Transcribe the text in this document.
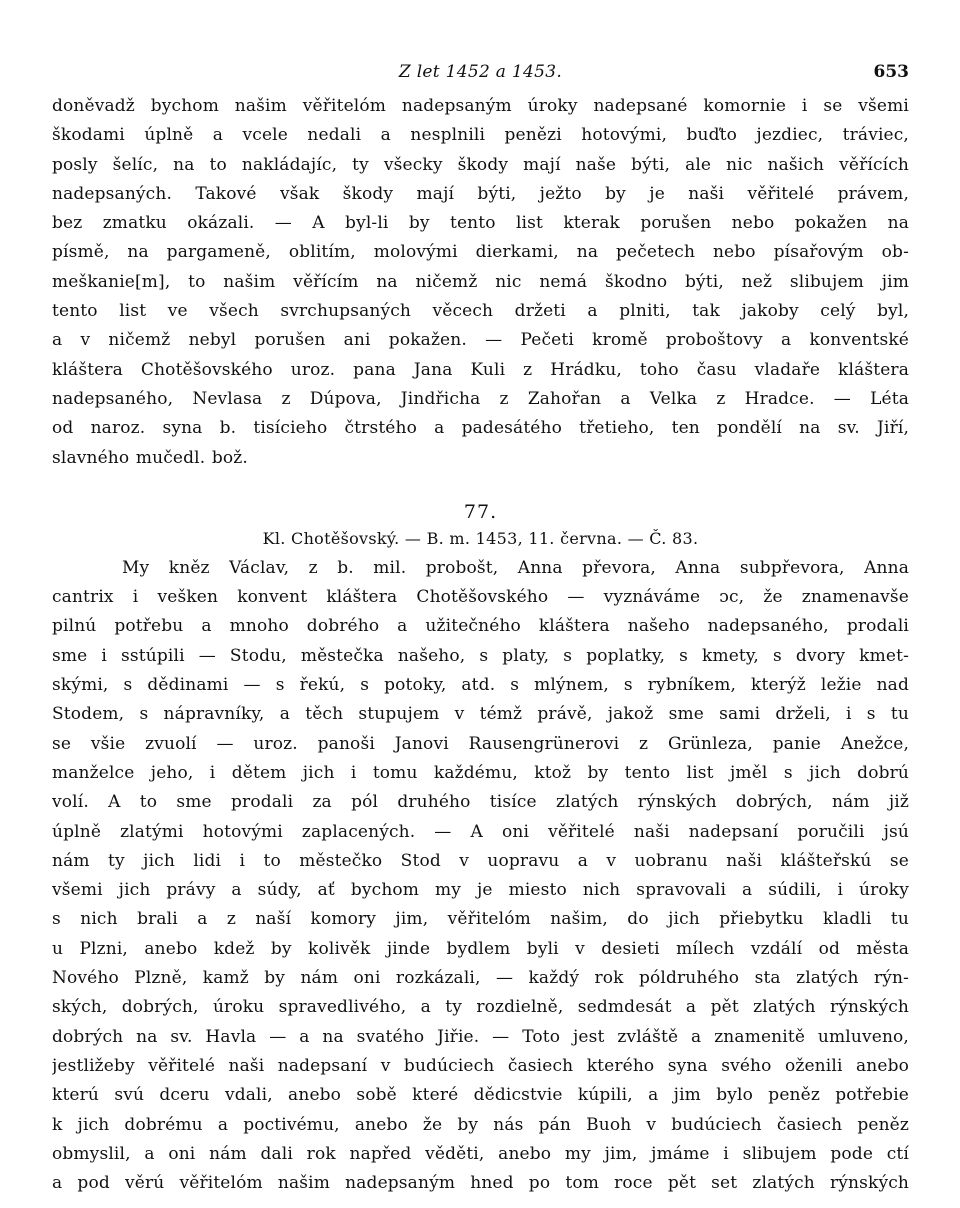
Z let 1452 a 1453.	653
doněvadž bychom našim věřitelóm nadepsaným úroky nadepsané komornie i se všemi
škodami úplně a vcele nedali a nesplnili penězi hotovými, buďto jezdiec, tráviec,
posly šelíc, na to nakládajíc, ty všecky škody mají naše býti, ale nic našich věřících
nadepsaných. Takové však škody mají býti, ježto by je naši věřitelé právem,
bez zmatku okázali. — A byl-li by tento list kterak porušen nebo pokažen na
písmě, na pargameně, oblitím, molovými dierkami, na pečetech nebo písařovým ob-
meškanie[m], to našim věřícím na ničemž nic nemá škodno býti, než slibujem jim
tento list ve všech svrchupsaných věcech držeti a plniti, tak jakoby celý byl,
a v ničemž nebyl porušen ani pokažen. — Pečeti kromě proboštovy a konventské
kláštera Chotěšovského uroz. pana Jana Kuli z Hrádku, toho času vladaře kláštera
nadepsaného, Nevlasa z Dúpova, Jindřicha z Zahořan a Velka z Hradce. — Léta
od naroz. syna b. tisícieho čtrstého a padesátého třetieho, ten pondělí na sv. Jiří,
slavného mučedl. bož.
77.
Kl. Chotěšovský. — B. m. 1453, 11. června. — Č. 83.
My kněz Václav, z b. mil. probošt, Anna převora, Anna subpřevora, Anna
cantrix i vešken konvent kláštera Chotěšovského — vyznáváme ᴐc, že znamenavše
pilnú potřebu a mnoho dobrého a užitečného kláštera našeho nadepsaného, prodali
sme i sstúpili — Stodu, městečka našeho, s platy, s poplatky, s kmety, s dvory kmet-
skými, s dědinami — s řekú, s potoky, atd. s mlýnem, s rybníkem, kterýž ležie nad
Stodem, s nápravníky, a těch stupujem v témž právě, jakož sme sami drželi, i s tu
se všie zvuolí — uroz. panoši Janovi Rausengrünerovi z Grünleza, panie Anežce,
manželce jeho, i dětem jich i tomu každému, ktož by tento list jměl s jich dobrú
volí. A to sme prodali za pól druhého tisíce zlatých rýnských dobrých, nám již
úplně zlatými hotovými zaplacených. — A oni věřitelé naši nadepsaní poručili jsú
nám ty jich lidi i to městečko Stod v uopravu a v uobranu naši klášteřskú se
všemi jich právy a súdy, ať bychom my je miesto nich spravovali a súdili, i úroky
s nich brali a z naší komory jim, věřitelóm našim, do jich přiebytku kladli tu
u Plzni, anebo kdež by kolivěk jinde bydlem byli v desieti mílech vzdálí od města
Nového Plzně, kamž by nám oni rozkázali, — každý rok póldruhého sta zlatých rýn-
ských, dobrých, úroku spravedlivého, a ty rozdielně, sedmdesát a pět zlatých rýnských
dobrých na sv. Havla — a na svatého Jiřie. — Toto jest zvláště a znamenitě umluveno,
jestližeby věřitelé naši nadepsaní v budúciech časiech kterého syna svého oženili anebo
kterú svú dceru vdali, anebo sobě které dědicstvie kúpili, a jim bylo peněz potřebie
k jich dobrému a poctivému, anebo že by nás pán Buoh v budúciech časiech peněz
obmyslil, a oni nám dali rok napřed věděti, anebo my jim, jmáme i slibujem pode ctí
a pod věrú věřitelóm našim nadepsaným hned po tom roce pět set zlatých rýnských
